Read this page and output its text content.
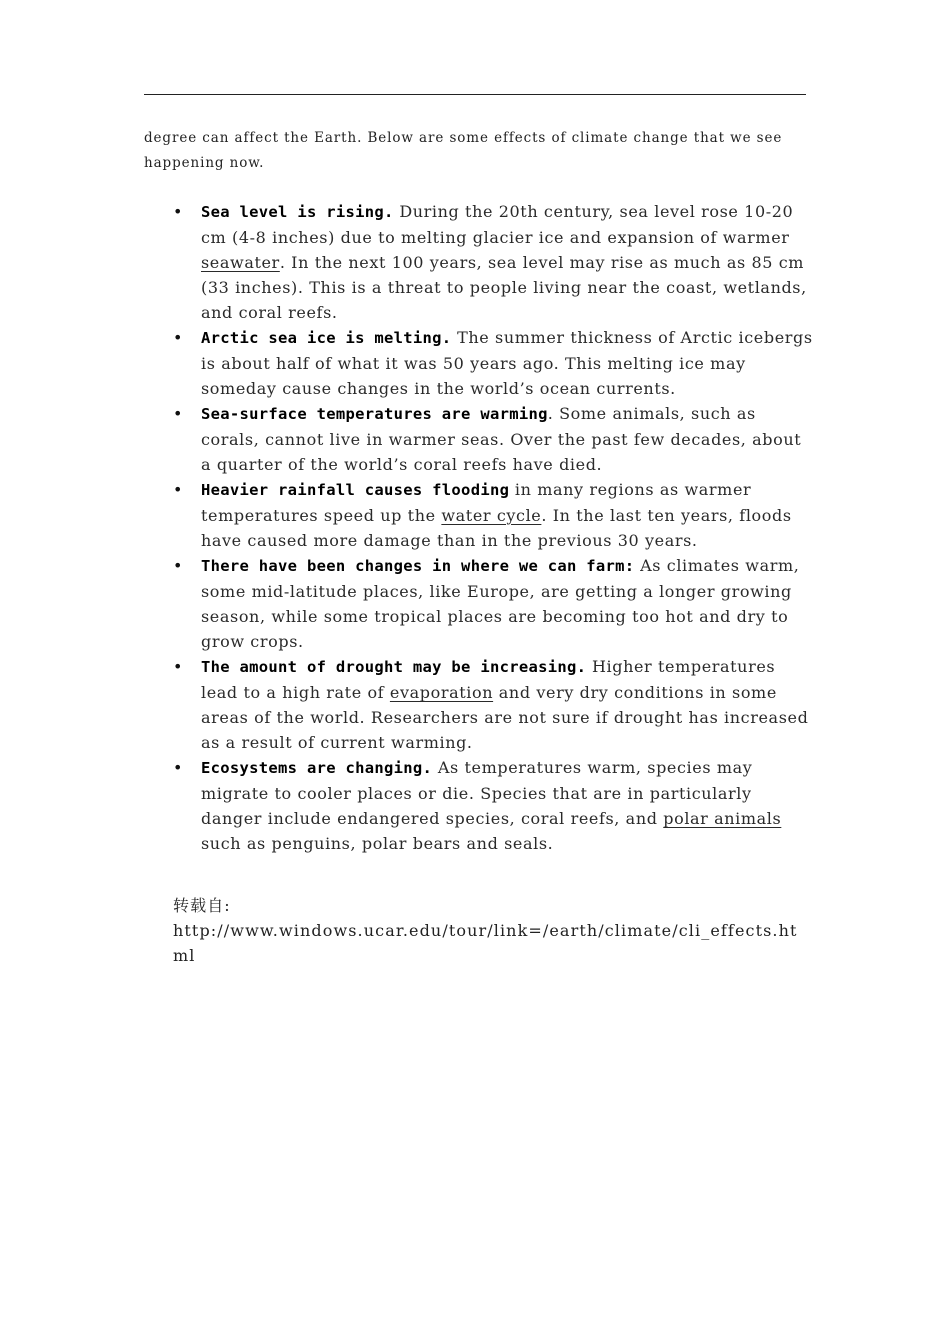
degree can affect the Earth. Below are some effects of climate change that we see happening now.
• Sea level is rising. During the 20th century, sea level rose 10-20 cm (4-8 inches) due to melting glacier ice and expansion of warmer seawater. In the next 100 years, sea level may rise as much as 85 cm (33 inches). This is a threat to people living near the coast, wetlands, and coral reefs.
• Arctic sea ice is melting. The summer thickness of Arctic icebergs is about half of what it was 50 years ago. This melting ice may someday cause changes in the world’s ocean currents.
• Sea-surface temperatures are warming. Some animals, such as corals, cannot live in warmer seas. Over the past few decades, about a quarter of the world’s coral reefs have died.
• Heavier rainfall causes flooding in many regions as warmer temperatures speed up the water cycle. In the last ten years, floods have caused more damage than in the previous 30 years.
• There have been changes in where we can farm: As climates warm, some mid-latitude places, like Europe, are getting a longer growing season, while some tropical places are becoming too hot and dry to grow crops.
• The amount of drought may be increasing. Higher temperatures lead to a high rate of evaporation and very dry conditions in some areas of the world. Researchers are not sure if drought has increased as a result of current warming.
• Ecosystems are changing. As temperatures warm, species may migrate to cooler places or die. Species that are in particularly danger include endangered species, coral reefs, and polar animals such as penguins, polar bears and seals.
转载自:
http://www.windows.ucar.edu/tour/link=/earth/climate/cli_effects.html
